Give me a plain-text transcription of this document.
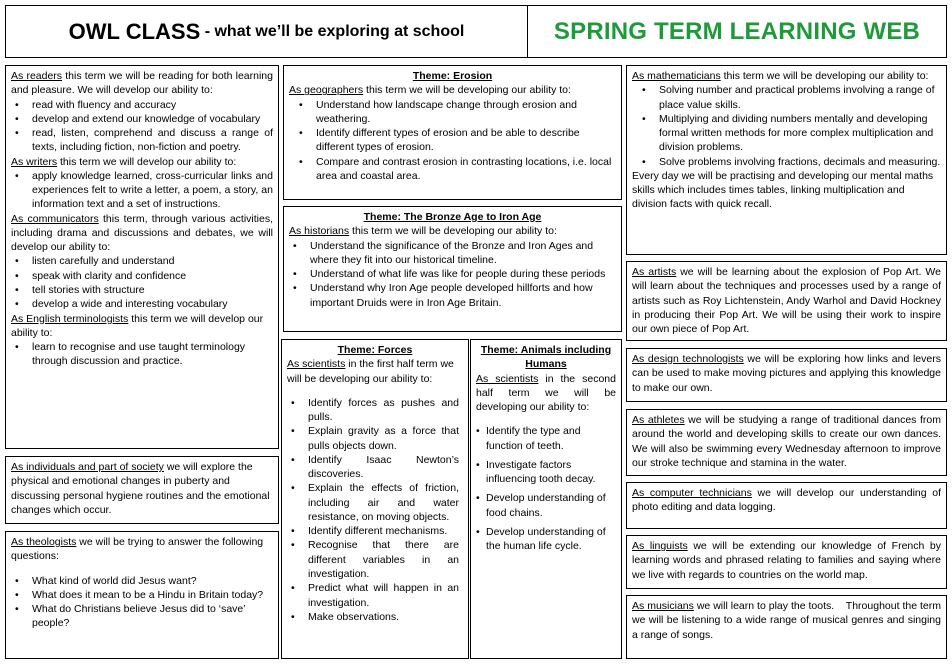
OWL CLASS - what we’ll be exploring at school	SPRING TERM LEARNING WEB
As readers this term we will be reading for both learning and pleasure. We will develop our ability to:
• read with fluency and accuracy
• develop and extend our knowledge of vocabulary
• read, listen, comprehend and discuss a range of texts, including fiction, non-fiction and poetry.
As writers this term we will develop our ability to:
• apply knowledge learned, cross-curricular links and experiences felt to write a letter, a poem, a story, an information text and a set of instructions.
As communicators this term, through various activities, including drama and discussions and debates, we will develop our ability to:
• listen carefully and understand
• speak with clarity and confidence
• tell stories with structure
• develop a wide and interesting vocabulary
As English terminologists this term we will develop our ability to:
• learn to recognise and use taught terminology through discussion and practice.
As individuals and part of society we will explore the physical and emotional changes in puberty and discussing personal hygiene routines and the emotional changes which occur.
As theologists we will be trying to answer the following questions:
• What kind of world did Jesus want?
• What does it mean to be a Hindu in Britain today?
• What do Christians believe Jesus did to ‘save’ people?
Theme: Erosion
As geographers this term we will be developing our ability to:
• Understand how landscape change through erosion and weathering.
• Identify different types of erosion and be able to describe different types of erosion.
• Compare and contrast erosion in contrasting locations, i.e. local area and coastal area.
Theme: The Bronze Age to Iron Age
As historians this term we will be developing our ability to:
• Understand the significance of the Bronze and Iron Ages and where they fit into our historical timeline.
• Understand of what life was like for people during these periods
• Understand why Iron Age people developed hillforts and how important Druids were in Iron Age Britain.
Theme: Forces
As scientists in the first half term we will be developing our ability to:
• Identify forces as pushes and pulls.
• Explain gravity as a force that pulls objects down.
• Identify Isaac Newton’s discoveries.
• Explain the effects of friction, including air and water resistance, on moving objects.
• Identify different mechanisms.
• Recognise that there are different variables in an investigation.
• Predict what will happen in an investigation.
• Make observations.
Theme: Animals including Humans
As scientists in the second half term we will be developing our ability to:
• Identify the type and function of teeth.
• Investigate factors influencing tooth decay.
• Develop understanding of food chains.
• Develop understanding of the human life cycle.
As mathematicians this term we will be developing our ability to:
• Solving number and practical problems involving a range of place value skills.
• Multiplying and dividing numbers mentally and developing formal written methods for more complex multiplication and division problems.
• Solve problems involving fractions, decimals and measuring.
Every day we will be practising and developing our mental maths skills which includes times tables, linking multiplication and division facts with quick recall.
As artists we will be learning about the explosion of Pop Art. We will learn about the techniques and processes used by a range of artists such as Roy Lichtenstein, Andy Warhol and David Hockney in producing their Pop Art. We will be using their work to inspire our own piece of Pop Art.
As design technologists we will be exploring how links and levers can be used to make moving pictures and applying this knowledge to make our own.
As athletes we will be studying a range of traditional dances from around the world and developing skills to create our own dances. We will also be swimming every Wednesday afternoon to improve our stroke technique and stamina in the water.
As computer technicians we will develop our understanding of photo editing and data logging.
As linguists we will be extending our knowledge of French by learning words and phrased relating to families and saying where we live with regards to countries on the world map.
As musicians we will learn to play the toots.    Throughout the term we will be listening to a wide range of musical genres and singing a range of songs.
